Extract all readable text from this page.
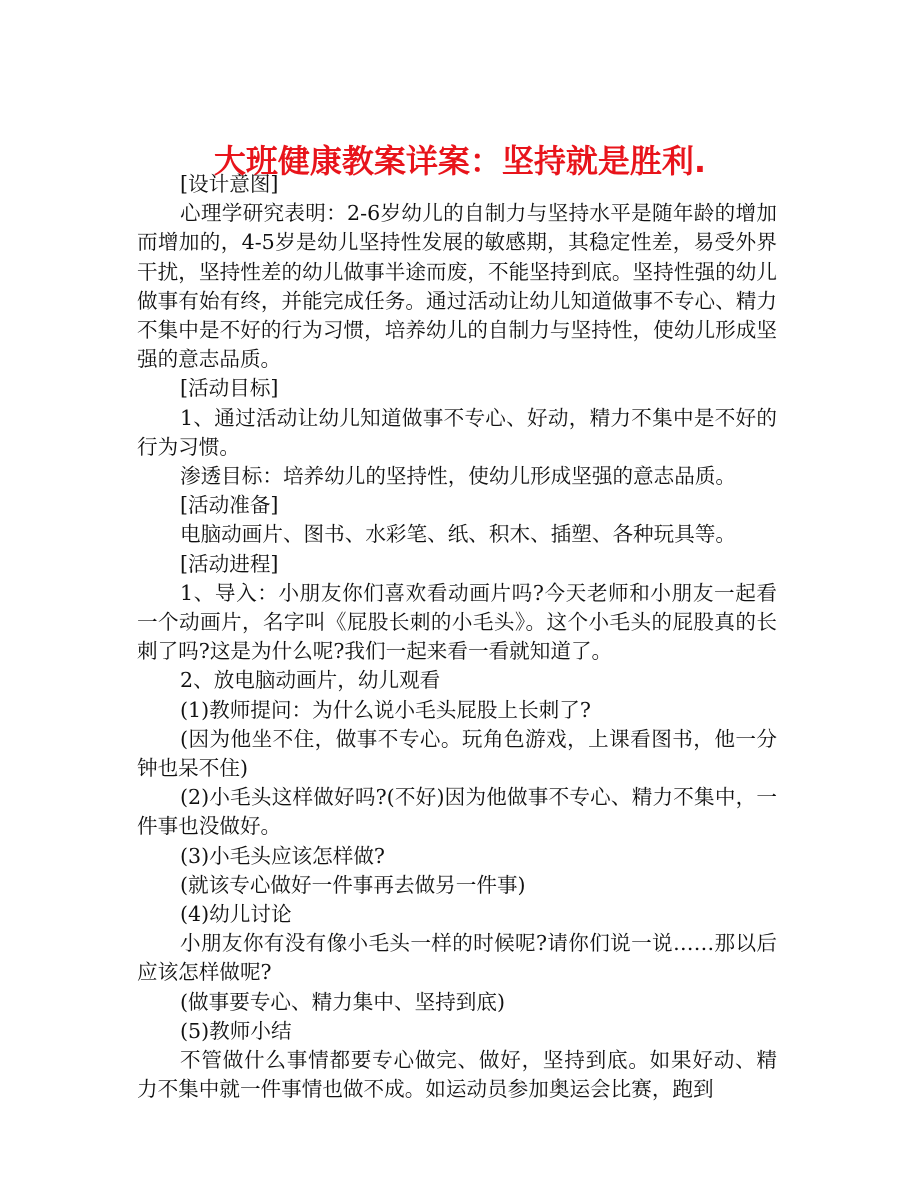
大班健康教案详案：坚持就是胜利.

[设计意图]

心理学研究表明：2-6岁幼儿的自制力与坚持水平是随年龄的增加而增加的，4-5岁是幼儿坚持性发展的敏感期，其稳定性差，易受外界干扰，坚持性差的幼儿做事半途而废，不能坚持到底。坚持性强的幼儿做事有始有终，并能完成任务。通过活动让幼儿知道做事不专心、精力不集中是不好的行为习惯，培养幼儿的自制力与坚持性，使幼儿形成坚强的意志品质。

[活动目标]

1、通过活动让幼儿知道做事不专心、好动，精力不集中是不好的行为习惯。

渗透目标：培养幼儿的坚持性，使幼儿形成坚强的意志品质。

[活动准备]

电脑动画片、图书、水彩笔、纸、积木、插塑、各种玩具等。

[活动进程]

1、导入：小朋友你们喜欢看动画片吗?今天老师和小朋友一起看一个动画片，名字叫《屁股长刺的小毛头》。这个小毛头的屁股真的长刺了吗?这是为什么呢?我们一起来看一看就知道了。

2、放电脑动画片，幼儿观看

(1)教师提问：为什么说小毛头屁股上长刺了?

(因为他坐不住，做事不专心。玩角色游戏，上课看图书，他一分钟也呆不住)

(2)小毛头这样做好吗?(不好)因为他做事不专心、精力不集中，一件事也没做好。

(3)小毛头应该怎样做?

(就该专心做好一件事再去做另一件事)

(4)幼儿讨论

小朋友你有没有像小毛头一样的时候呢?请你们说一说……那以后应该怎样做呢?

(做事要专心、精力集中、坚持到底)

(5)教师小结

不管做什么事情都要专心做完、做好，坚持到底。如果好动、精力不集中就一件事情也做不成。如运动员参加奥运会比赛，跑到
